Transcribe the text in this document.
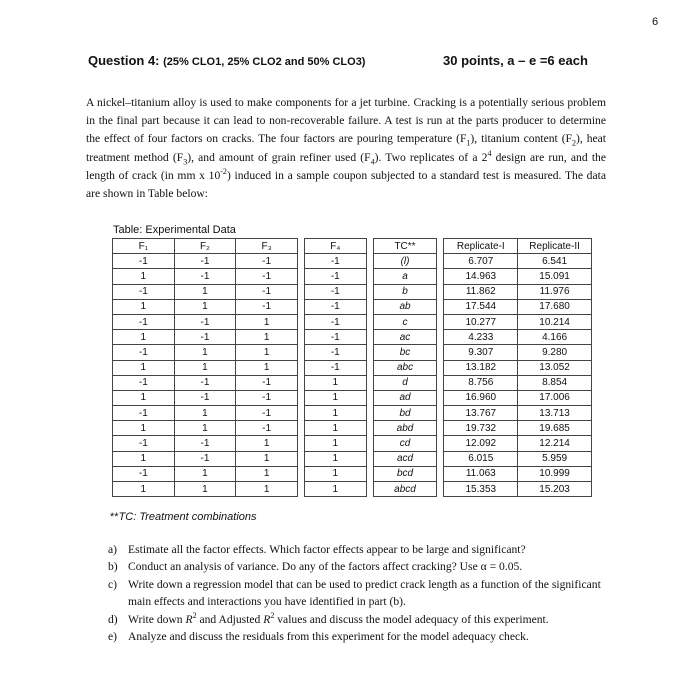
6
Question 4: (25% CLO1, 25% CLO2 and 50% CLO3)	30 points, a – e =6 each
A nickel–titanium alloy is used to make components for a jet turbine. Cracking is a potentially serious problem in the final part because it can lead to non-recoverable failure. A test is run at the parts producer to determine the effect of four factors on cracks. The four factors are pouring temperature $(F_1)$, titanium content $(F_2)$, heat treatment method $(F_3)$, and amount of grain refiner used $(F_4)$. Two replicates of a $2^4$ design are run, and the length of crack (in mm x $10^{-2}$) induced in a sample coupon subjected to a standard test is measured. The data are shown in Table below:
Table: Experimental Data
F₁	F₂	F₃		F₄		TC**		Replicate-I	Replicate-II
-1	-1	-1		-1		(l)		6.707	6.541
1	-1	-1		-1		a		14.963	15.091
-1	1	-1		-1		b		11.862	11.976
1	1	-1		-1		ab		17.544	17.680
-1	-1	1		-1		c		10.277	10.214
1	-1	1		-1		ac		4.233	4.166
-1	1	1		-1		bc		9.307	9.280
1	1	1		-1		abc		13.182	13.052
-1	-1	-1		1		d		8.756	8.854
1	-1	-1		1		ad		16.960	17.006
-1	1	-1		1		bd		13.767	13.713
1	1	-1		1		abd		19.732	19.685
-1	-1	1		1		cd		12.092	12.214
1	-1	1		1		acd		6.015	5.959
-1	1	1		1		bcd		11.063	10.999
1	1	1		1		abcd		15.353	15.203
**TC: Treatment combinations
a) Estimate all the factor effects. Which factor effects appear to be large and significant?
b) Conduct an analysis of variance. Do any of the factors affect cracking? Use α = 0.05.
c) Write down a regression model that can be used to predict crack length as a function of the significant main effects and interactions you have identified in part (b).
d) Write down $R^2$ and Adjusted $R^2$ values and discuss the model adequacy of this experiment.
e) Analyze and discuss the residuals from this experiment for the model adequacy check.
